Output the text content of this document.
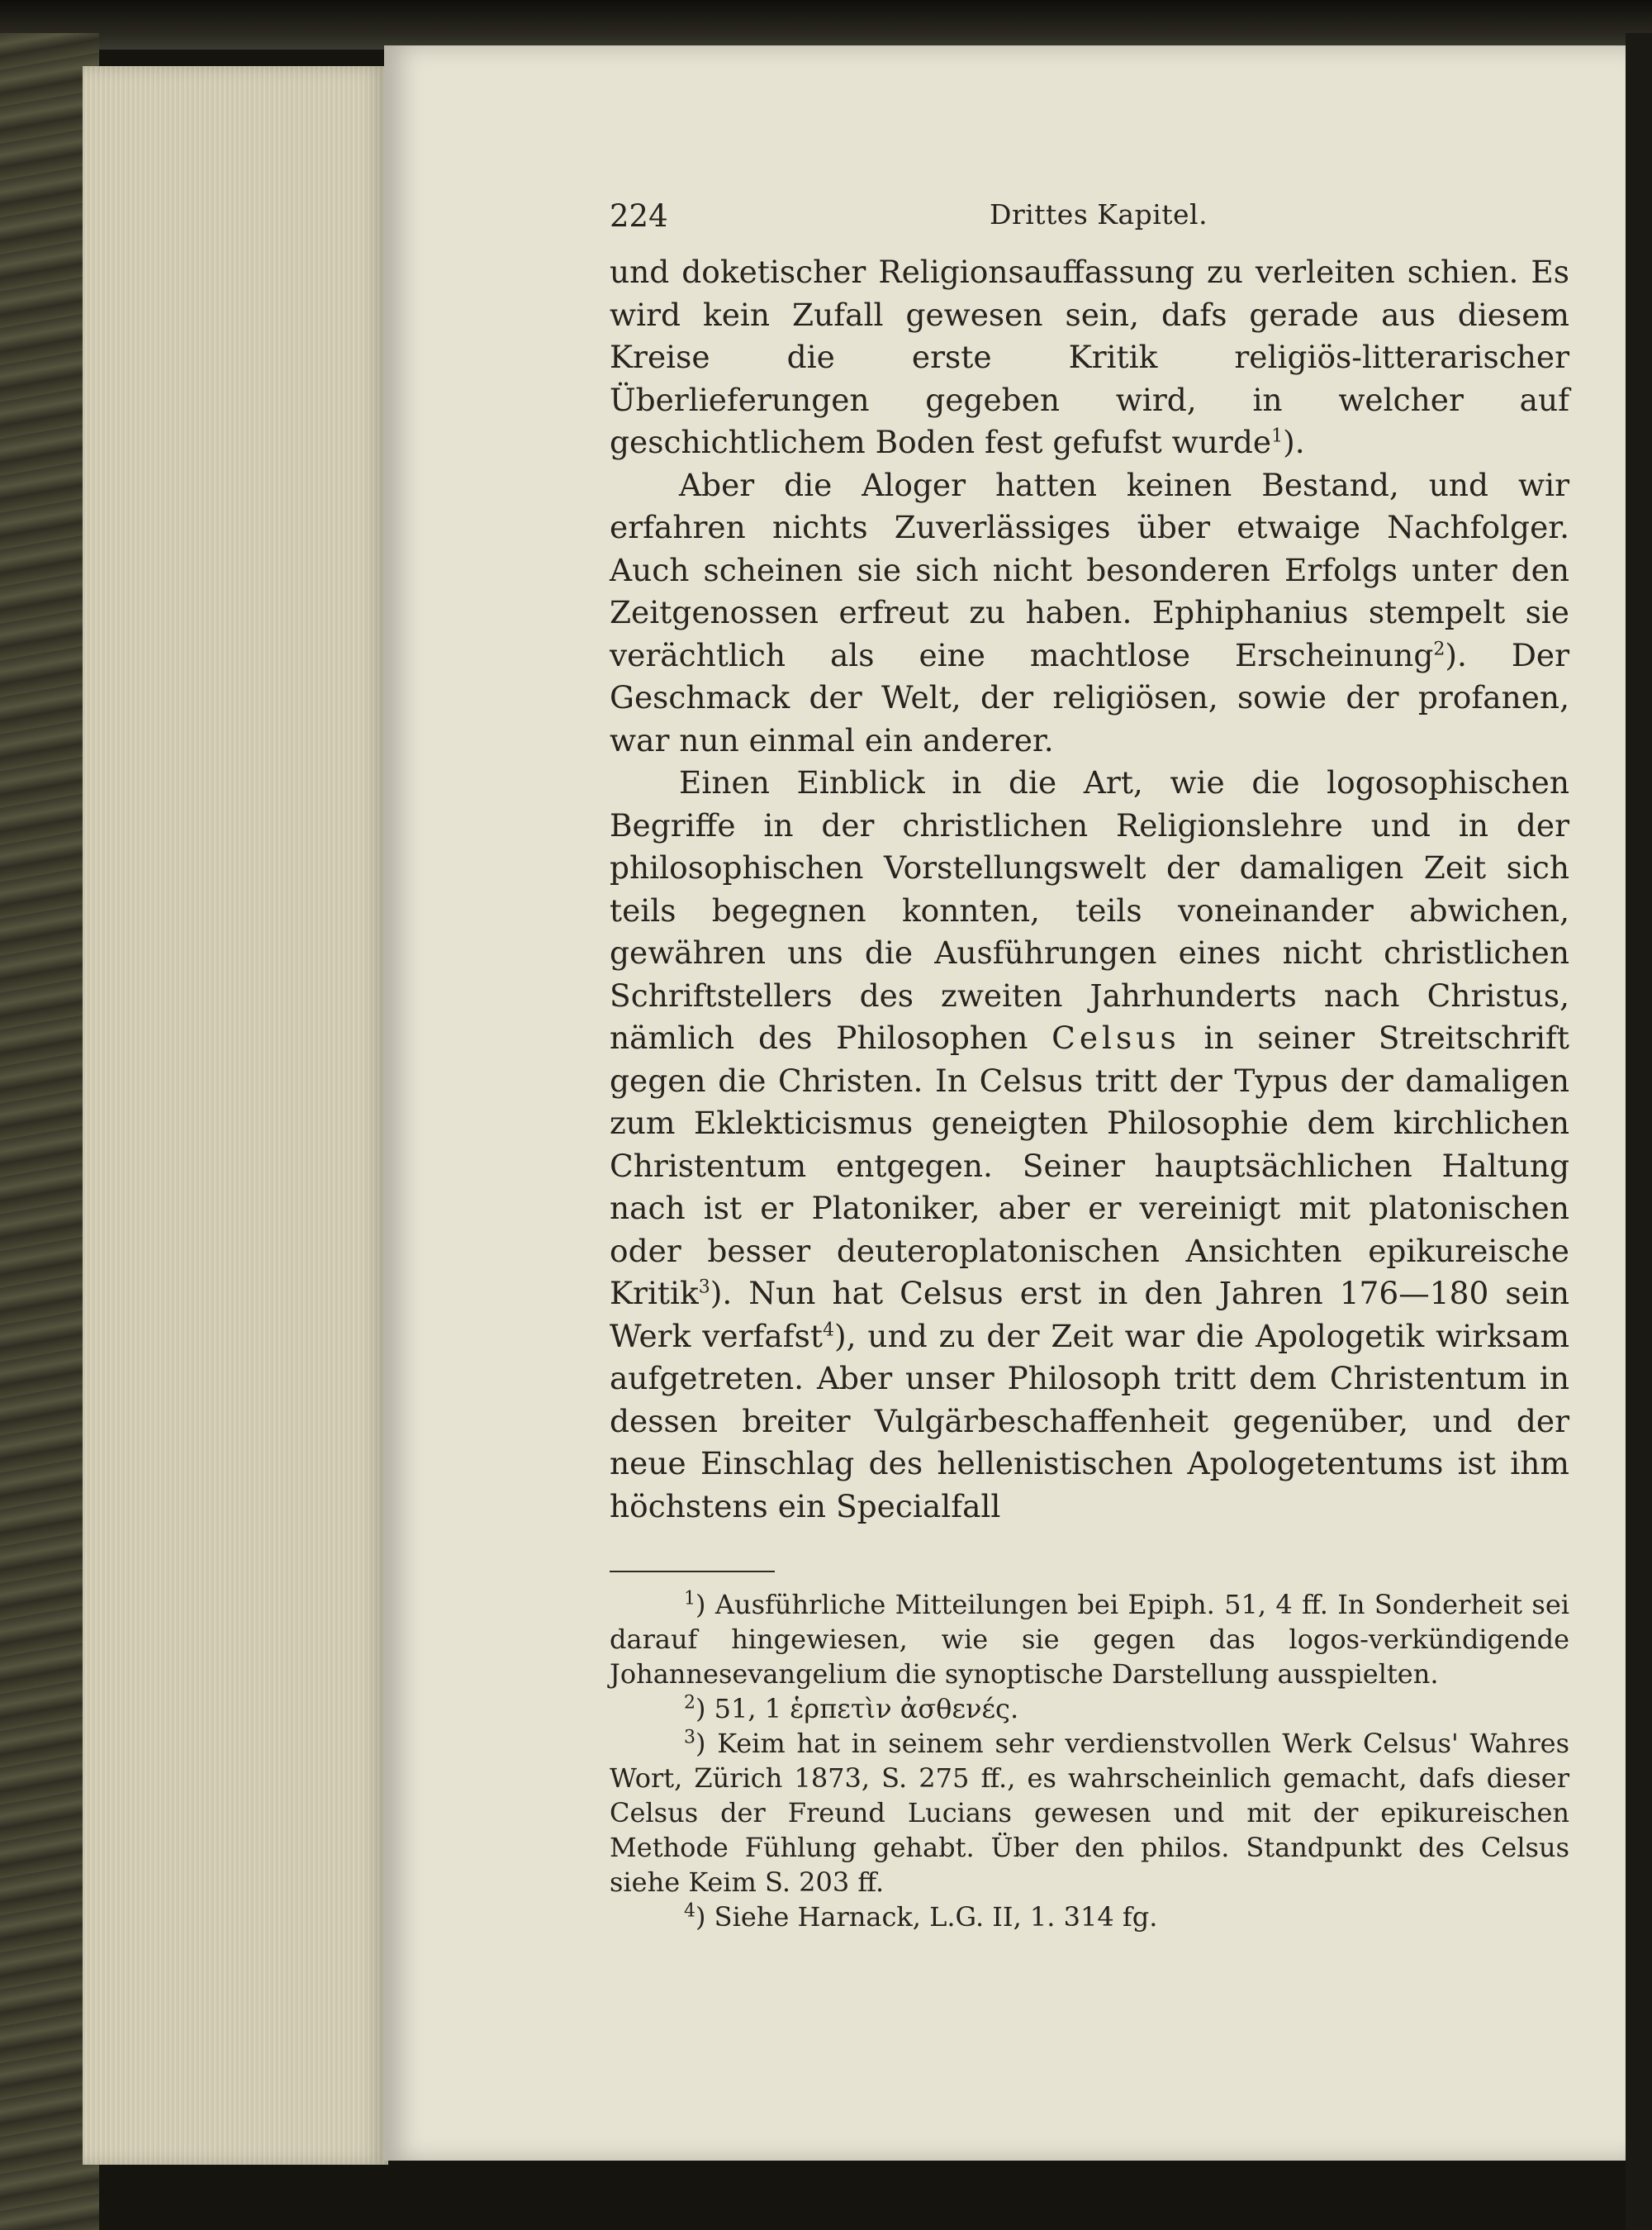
224	Drittes Kapitel.

und doketischer Religionsauffassung zu verleiten schien. Es wird kein Zufall gewesen sein, dafs gerade aus diesem Kreise die erste Kritik religiös-litterarischer Überlieferungen gegeben wird, in welcher auf geschichtlichem Boden fest gefufst wurde$^1$).

Aber die Aloger hatten keinen Bestand, und wir erfahren nichts Zuverlässiges über etwaige Nachfolger. Auch scheinen sie sich nicht besonderen Erfolgs unter den Zeitgenossen erfreut zu haben. Ephiphanius stempelt sie verächtlich als eine machtlose Erscheinung$^2$). Der Geschmack der Welt, der religiösen, sowie der profanen, war nun einmal ein anderer.

Einen Einblick in die Art, wie die logosophischen Begriffe in der christlichen Religionslehre und in der philosophischen Vorstellungswelt der damaligen Zeit sich teils begegnen konnten, teils voneinander abwichen, gewähren uns die Ausführungen eines nicht christlichen Schriftstellers des zweiten Jahrhunderts nach Christus, nämlich des Philosophen Celsus in seiner Streitschrift gegen die Christen. In Celsus tritt der Typus der damaligen zum Eklekticismus geneigten Philosophie dem kirchlichen Christentum entgegen. Seiner hauptsächlichen Haltung nach ist er Platoniker, aber er vereinigt mit platonischen oder besser deuteroplatonischen Ansichten epikureische Kritik$^3$). Nun hat Celsus erst in den Jahren 176—180 sein Werk verfafst$^4$), und zu der Zeit war die Apologetik wirksam aufgetreten. Aber unser Philosoph tritt dem Christentum in dessen breiter Vulgärbeschaffenheit gegenüber, und der neue Einschlag des hellenistischen Apologetentums ist ihm höchstens ein Specialfall

$^1$) Ausführliche Mitteilungen bei Epiph. 51, 4 ff. In Sonderheit sei darauf hingewiesen, wie sie gegen das logos-verkündigende Johannesevangelium die synoptische Darstellung ausspielten.

$^2$) 51, 1 ἑρπετὶν ἀσθενές.

$^3$) Keim hat in seinem sehr verdienstvollen Werk Celsus' Wahres Wort, Zürich 1873, S. 275 ff., es wahrscheinlich gemacht, dafs dieser Celsus der Freund Lucians gewesen und mit der epikureischen Methode Fühlung gehabt. Über den philos. Standpunkt des Celsus siehe Keim S. 203 ff.

$^4$) Siehe Harnack, L.G. II, 1. 314 fg.
